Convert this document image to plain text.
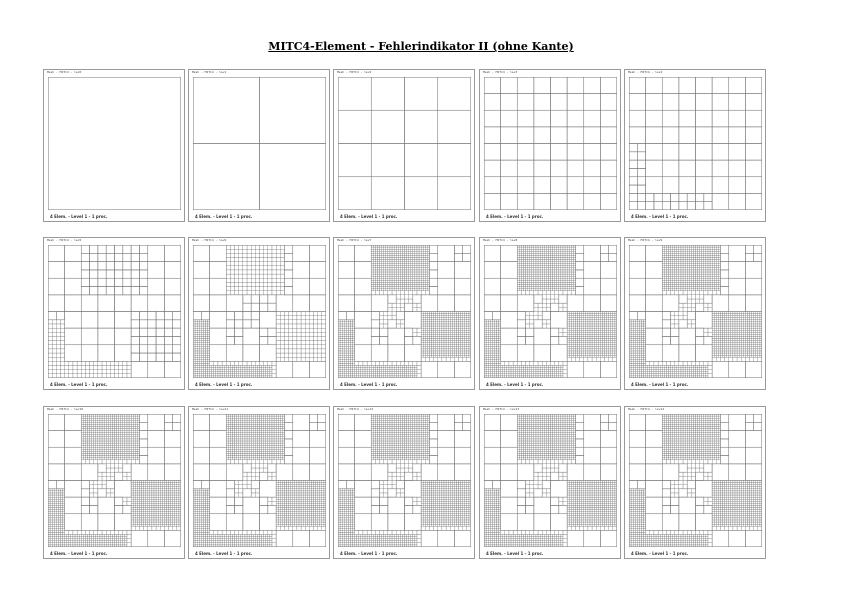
MITC4-Element - Fehlerindikator II (ohne Kante)
Mesh - MITC4 - lev0
4 Elem. - Level 1 - 1 proc.
Mesh - MITC4 - lev1
4 Elem. - Level 1 - 1 proc.
Mesh - MITC4 - lev2
4 Elem. - Level 1 - 1 proc.
Mesh - MITC4 - lev3
4 Elem. - Level 1 - 1 proc.
Mesh - MITC4 - lev4
4 Elem. - Level 1 - 1 proc.
Mesh - MITC4 - lev5
4 Elem. - Level 1 - 1 proc.
Mesh - MITC4 - lev6
4 Elem. - Level 1 - 1 proc.
Mesh - MITC4 - lev7
4 Elem. - Level 1 - 1 proc.
Mesh - MITC4 - lev8
4 Elem. - Level 1 - 1 proc.
Mesh - MITC4 - lev9
4 Elem. - Level 1 - 1 proc.
Mesh - MITC4 - lev10
4 Elem. - Level 1 - 1 proc.
Mesh - MITC4 - lev11
4 Elem. - Level 1 - 1 proc.
Mesh - MITC4 - lev12
4 Elem. - Level 1 - 1 proc.
Mesh - MITC4 - lev13
4 Elem. - Level 1 - 1 proc.
Mesh - MITC4 - lev14
4 Elem. - Level 1 - 1 proc.
